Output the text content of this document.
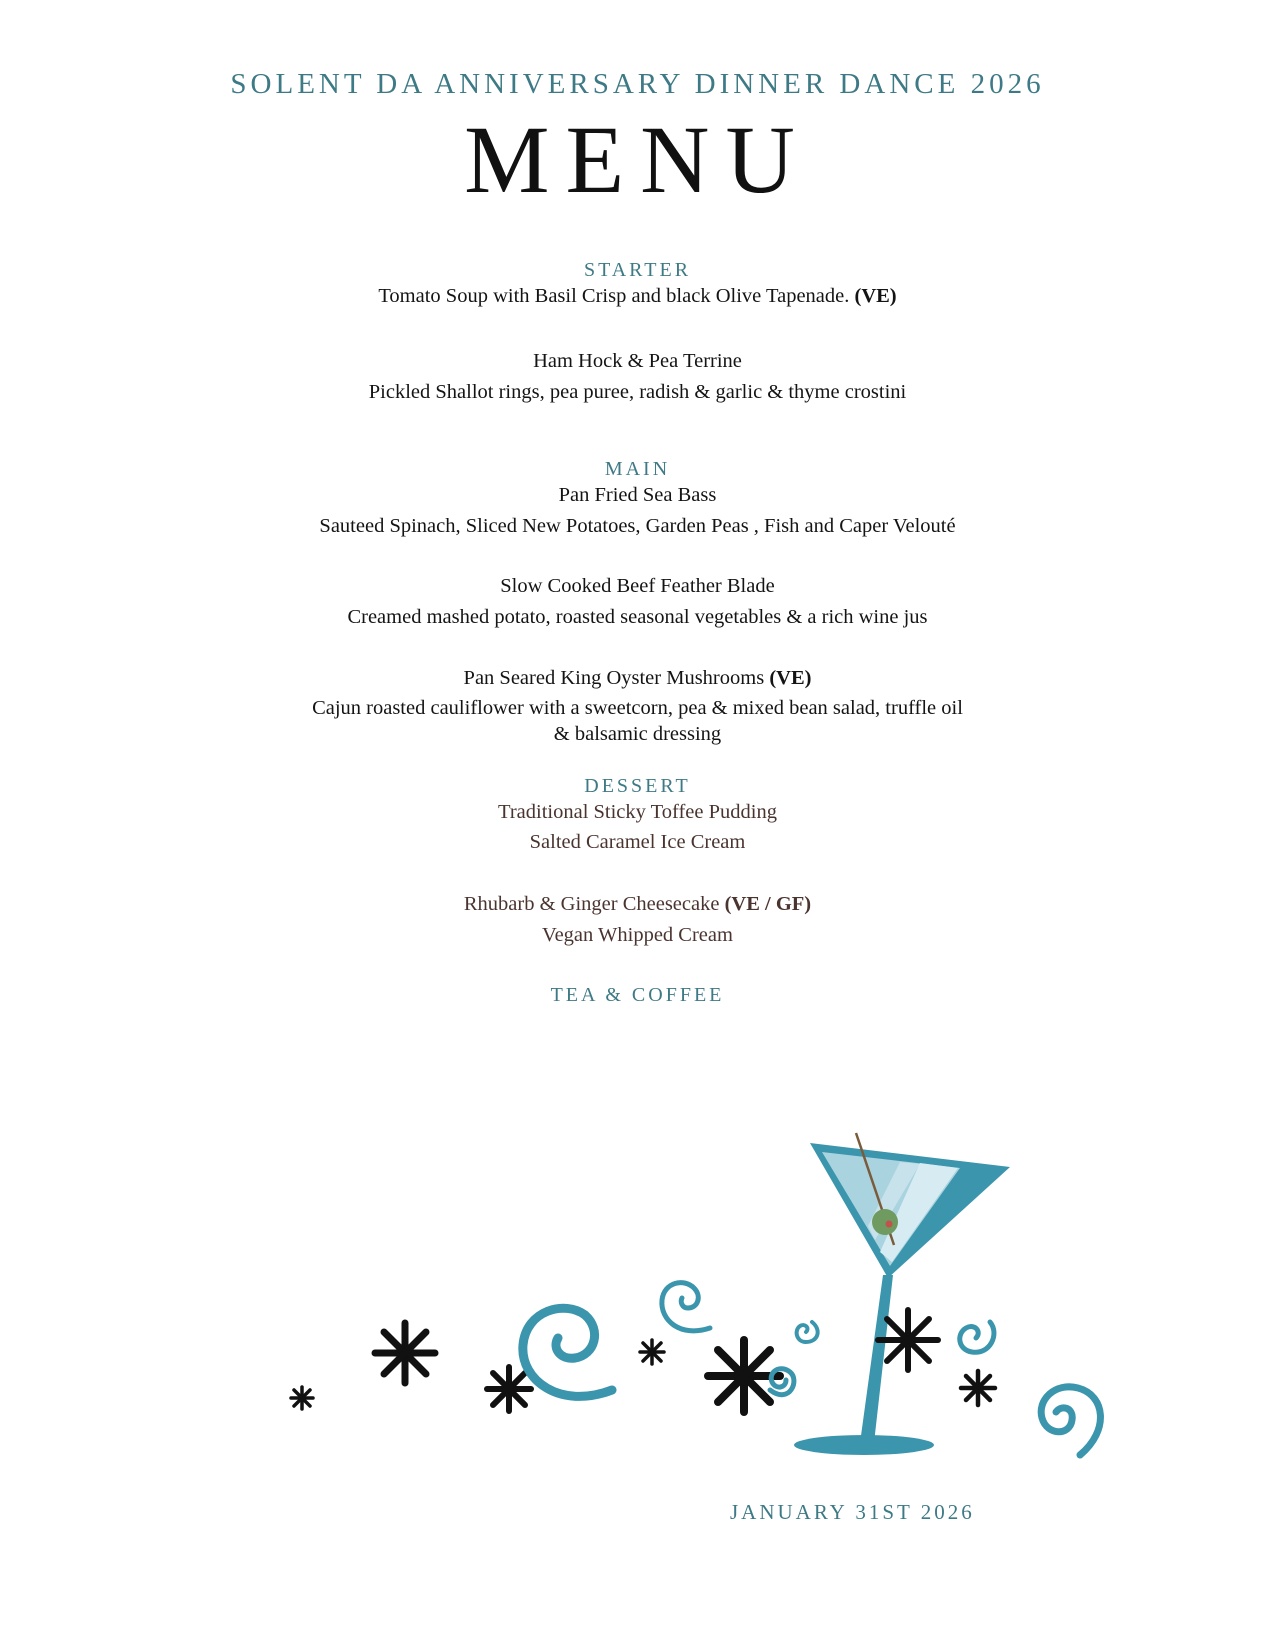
SOLENT DA ANNIVERSARY DINNER DANCE 2026
MENU
STARTER
Tomato Soup with Basil Crisp and black Olive Tapenade. (VE)
Ham Hock & Pea Terrine
Pickled Shallot rings, pea puree, radish & garlic & thyme crostini
MAIN
Pan Fried Sea Bass
Sauteed Spinach, Sliced New Potatoes, Garden Peas , Fish and Caper Velouté
Slow Cooked Beef Feather Blade
Creamed mashed potato, roasted seasonal vegetables & a rich wine jus
Pan Seared King Oyster Mushrooms (VE)
Cajun roasted cauliflower with a sweetcorn, pea & mixed bean salad, truffle oil
& balsamic dressing
DESSERT
Traditional Sticky Toffee Pudding
Salted Caramel Ice Cream
Rhubarb & Ginger Cheesecake (VE / GF)
Vegan Whipped Cream
TEA & COFFEE
JANUARY 31ST 2026
